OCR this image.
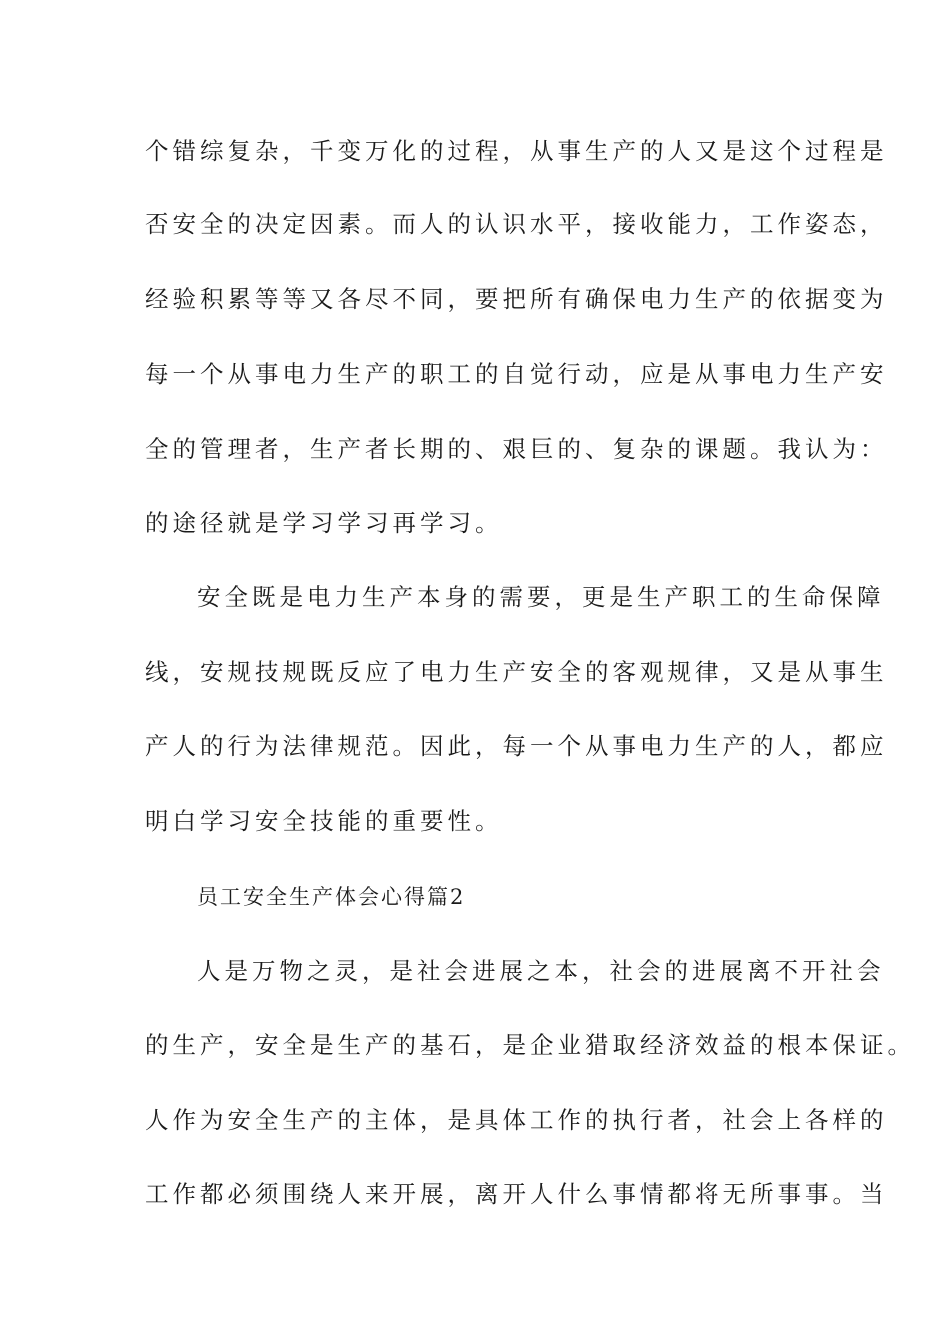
个错综复杂，千变万化的过程，从事生产的人又是这个过程是
否安全的决定因素。而人的认识水平，接收能力，工作姿态，
经验积累等等又各尽不同，要把所有确保电力生产的依据变为
每一个从事电力生产的职工的自觉行动，应是从事电力生产安
全的管理者，生产者长期的、艰巨的、复杂的课题。我认为：
的途径就是学习学习再学习。
安全既是电力生产本身的需要，更是生产职工的生命保障
线，安规技规既反应了电力生产安全的客观规律，又是从事生
产人的行为法律规范。因此，每一个从事电力生产的人，都应
明白学习安全技能的重要性。
员工安全生产体会心得篇2
人是万物之灵，是社会进展之本，社会的进展离不开社会
的生产，安全是生产的基石，是企业猎取经济效益的根本保证。
人作为安全生产的主体，是具体工作的执行者，社会上各样的
工作都必须围绕人来开展，离开人什么事情都将无所事事。当
